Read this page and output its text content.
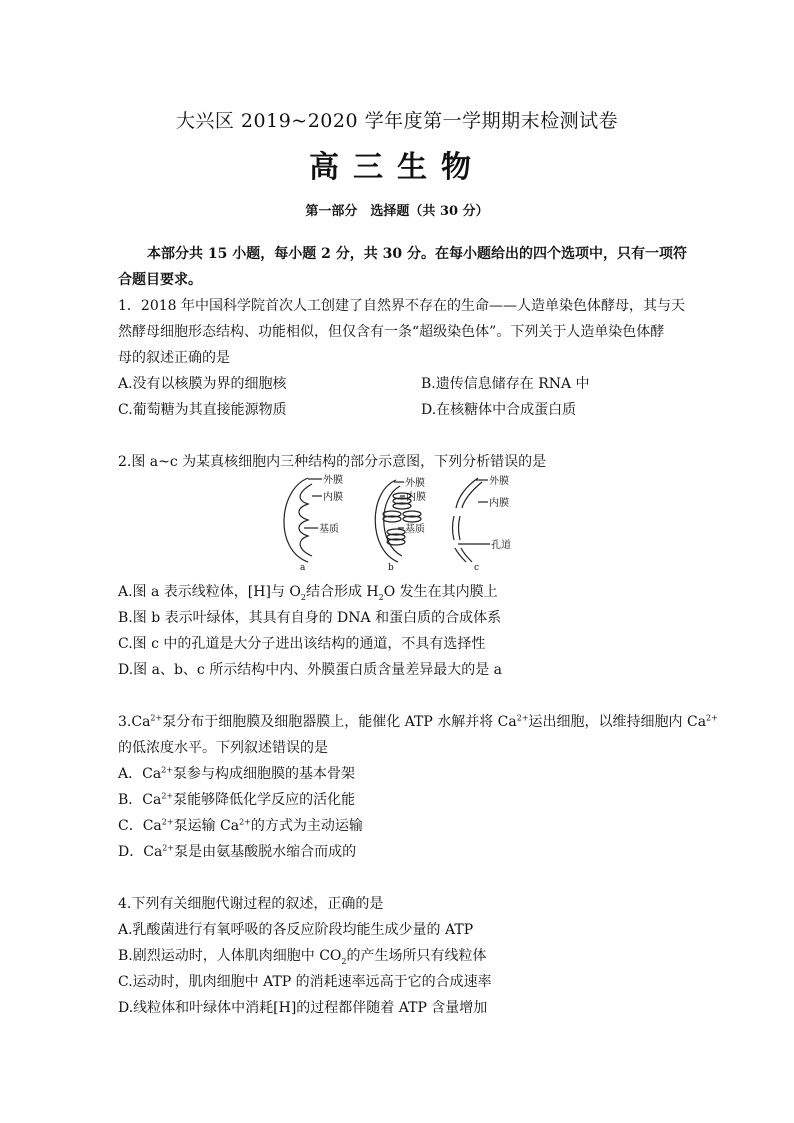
大兴区 2019~2020 学年度第一学期期末检测试卷
高三生物
第一部分　选择题（共 30 分）
本部分共 15 小题，每小题 2 分，共 30 分。在每小题给出的四个选项中，只有一项符
合题目要求。
1．2018 年中国科学院首次人工创建了自然界不存在的生命——人造单染色体酵母，其与天
然酵母细胞形态结构、功能相似，但仅含有一条“超级染色体”。下列关于人造单染色体酵
母的叙述正确的是
A.没有以核膜为界的细胞核	B.遗传信息储存在 RNA 中
C.葡萄糖为其直接能源物质	D.在核糖体中合成蛋白质
2.图 a~c 为某真核细胞内三种结构的部分示意图，下列分析错误的是
外膜
内膜
基质
外膜
内膜
基质
外膜
内膜
孔道
a	b	c
A.图 a 表示线粒体，[H]与 $O_2$结合形成 $H_2O$ 发生在其内膜上
B.图 b 表示叶绿体，其具有自身的 DNA 和蛋白质的合成体系
C.图 c 中的孔道是大分子进出该结构的通道，不具有选择性
D.图 a、b、c 所示结构中内、外膜蛋白质含量差异最大的是 a
$3.Ca^{2+}$泵分布于细胞膜及细胞器膜上，能催化 ATP 水解并将 $Ca^{2+}$运出细胞，以维持细胞内 $Ca^{2+}$
的低浓度水平。下列叙述错误的是
A．$Ca^{2+}$泵参与构成细胞膜的基本骨架
B．$Ca^{2+}$泵能够降低化学反应的活化能
C．$Ca^{2+}$泵运输 $Ca^{2+}$的方式为主动运输
D．$Ca^{2+}$泵是由氨基酸脱水缩合而成的
4.下列有关细胞代谢过程的叙述，正确的是
A.乳酸菌进行有氧呼吸的各反应阶段均能生成少量的 ATP
B.剧烈运动时，人体肌肉细胞中 $CO_2$的产生场所只有线粒体
C.运动时，肌肉细胞中 ATP 的消耗速率远高于它的合成速率
D.线粒体和叶绿体中消耗[H]的过程都伴随着 ATP 含量增加
